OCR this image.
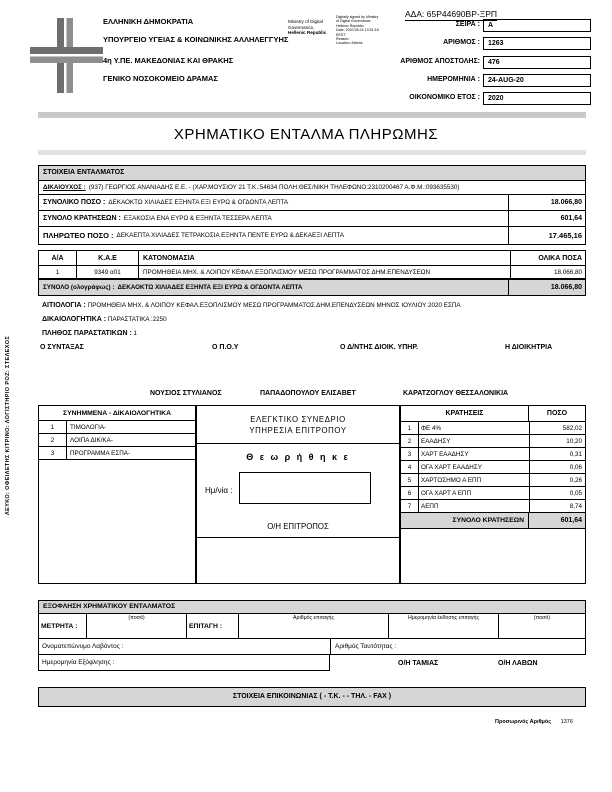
ΛΕΥΚΟ: ΟΦΕΙΛΕΤΗΣ ΚΙΤΡΙΝΟ: ΛΟΓΙΣΤΗΡΙΟ ΡΟΖ: ΣΤΕΛΕΧΟΣ
ΕΛΛΗΝΙΚΗ ΔΗΜΟΚΡΑΤΙΑ
ΥΠΟΥΡΓΕΙΟ ΥΓΕΙΑΣ & ΚΟΙΝΩΝΙΚΗΣ ΑΛΛΗΛΕΓΓΥΗΣ
4η Υ.ΠΕ. ΜΑΚΕΔΟΝΙΑΣ ΚΑΙ ΘΡΑΚΗΣ
ΓΕΝΙΚΟ ΝΟΣΟΚΟΜΕΙΟ ΔΡΑΜΑΣ
Ministry of Digital
Governance,
Hellenic Republic
Digitally signed by Ministry
of Digital Governance,
Hellenic Republic
Date: 2020.08.24 13:51:18
EEST
Reason:
Location: Athens
ΑΔΑ: 65Ρ44690ΒΡ-ΞΡΠ
ΣΕΙΡΑ :	Α
ΑΡΙΘΜΟΣ :	1263
ΑΡΙΘΜΟΣ ΑΠΟΣΤΟΛΗΣ:	476
ΗΜΕΡΟΜΗΝΙΑ :	24-AUG-20
ΟΙΚΟΝΟΜΙΚΟ ΕΤΟΣ :	2020
ΧΡΗΜΑΤΙΚΟ ΕΝΤΑΛΜΑ ΠΛΗΡΩΜΗΣ
ΣΤΟΙΧΕΙΑ ΕΝΤΑΛΜΑΤΟΣ
ΔΙΚΑΙΟΥΧΟΣ : (937) ΓΕΩΡΓΙΟΣ ΑΝΑΝΙΑΔΗΣ Ε.Ε. - (ΧΑΡ.ΜΟΥΣΙΟΥ 21 Τ.Κ.:54634 ΠΟΛΗ:ΘΕΣ/ΝΙΚΗ ΤΗΛΕΦΩΝΟ:2310200467 Α.Φ.Μ.:093635530)
ΣΥΝΟΛΙΚΟ ΠΟΣΟ : ΔΕΚΑΟΚΤΩ ΧΙΛΙΑΔΕΣ ΕΞΗΝΤΑ ΕΞΙ ΕΥΡΩ & ΟΓΔΟΝΤΑ ΛΕΠΤΑ	18.066,80
ΣΥΝΟΛΟ ΚΡΑΤΗΣΕΩΝ : ΕΞΑΚΟΣΙΑ ΕΝΑ ΕΥΡΩ & ΕΞΗΝΤΑ ΤΕΣΣΕΡΑ ΛΕΠΤΑ	601,64
ΠΛΗΡΩΤΕΟ ΠΟΣΟ : ΔΕΚΑΕΠΤΑ ΧΙΛΙΑΔΕΣ ΤΕΤΡΑΚΟΣΙΑ ΕΞΗΝΤΑ ΠΕΝΤΕ ΕΥΡΩ & ΔΕΚΑΕΞΙ ΛΕΠΤΑ	17.465,16
Α/Α	Κ.Α.Ε	ΚΑΤΟΝΟΜΑΣΙΑ	ΟΛΙΚΑ ΠΟΣΑ
1	9349 α01	ΠΡΟΜΗΘΕΙΑ ΜΗΧ. & ΛΟΙΠΟΥ ΚΕΦΑΛ.ΕΞΟΠΛΙΣΜΟΥ ΜΕΣΩ ΠΡΟΓΡΑΜΜΑΤΟΣ ΔΗΜ.ΕΠΕΝΔΥΣΕΩΝ	18.066,80
ΣΥΝΟΛΟ (ολογράφως) : ΔΕΚΑΟΚΤΩ ΧΙΛΙΑΔΕΣ ΕΞΗΝΤΑ ΕΞΙ ΕΥΡΩ & ΟΓΔΟΝΤΑ ΛΕΠΤΑ	18.066,80
ΑΙΤΙΟΛΟΓΙΑ : ΠΡΟΜΗΘΕΙΑ ΜΗΧ. & ΛΟΙΠΟΥ ΚΕΦΑΛ.ΕΞΟΠΛΙΣΜΟΥ ΜΕΣΩ ΠΡΟΓΡΑΜΜΑΤΟΣ ΔΗΜ.ΕΠΕΝΔΥΣΕΩΝ ΜΗΝΟΣ ΙΟΥΛΙΟΥ 2020 ΕΣΠΑ
ΔΙΚΑΙΟΛΟΓΗΤΙΚΑ : ΠΑΡΑΣΤΑΤΙΚΑ :2250
ΠΛΗΘΟΣ ΠΑΡΑΣΤΑΤΙΚΩΝ : 1
Ο ΣΥΝΤΑΞΑΣ	Ο Π.Ο.Υ	Ο Δ/ΝΤΗΣ ΔΙΟΙΚ. ΥΠΗΡ.	Η ΔΙΟΙΚΗΤΡΙΑ
ΝΟΥΣΙΟΣ ΣΤΥΛΙΑΝΟΣ	ΠΑΠΑΔΟΠΟΥΛΟΥ ΕΛΙΣΑΒΕΤ	ΚΑΡΑΤΖΟΓΛΟΥ ΘΕΣΣΑΛΟΝΙΚΙΑ
ΣΥΝΗΜΜΕΝΑ - ΔΙΚΑΙΟΛΟΓΗΤΙΚΑ
1	ΤΙΜΟΛΟΓΙΑ-
2	ΛΟΙΠΑ ΔΙΚ/ΚΑ-
3	ΠΡΟΓΡΑΜΜΑ ΕΣΠΑ-
ΕΛΕΓΚΤΙΚΟ ΣΥΝΕΔΡΙΟ
ΥΠΗΡΕΣΙΑ ΕΠΙΤΡΟΠΟΥ
Θ ε ω ρ ή θ η κ ε
Ημ/νία :
Ο/Η ΕΠΙΤΡΟΠΟΣ
ΚΡΑΤΗΣΕΙΣ	ΠΟΣΟ
1	ΦΕ 4%	582,02
2	ΕΑΑΔΗΣΥ	10,20
3	ΧΑΡΤ ΕΑΑΔΗΣΥ	0,31
4	ΟΓΑ ΧΑΡΤ ΕΑΑΔΗΣΥ	0,06
5	ΧΑΡΤΟΣΗΜΟ Α ΕΠΠ	0,26
6	ΟΓΑ ΧΑΡΤ Α ΕΠΠ	0,05
7	ΑΕΠΠ	8,74
ΣΥΝΟΛΟ ΚΡΑΤΗΣΕΩΝ	601,64
ΕΞΟΦΛΗΣΗ ΧΡΗΜΑΤΙΚΟΥ ΕΝΤΑΛΜΑΤΟΣ
ΜΕΤΡΗΤΑ :
(ποσό)
ΕΠΙΤΑΓΗ :
Αριθμός επιταγής	Ημερομηνία έκδοσης επιταγής	(ποσό)
Ονοματεπώνυμο Λαβόντος :	Αριθμός Ταυτότητας :
Ημερομηνία Εξόφλησης :	Ο/Η ΤΑΜΙΑΣ	Ο/Η ΛΑΒΩΝ
ΣΤΟΙΧΕΙΑ ΕΠΙΚΟΙΝΩΝΙΑΣ ( - Τ.Κ. - - ΤΗΛ. - FAX )
Προσωρινός Αριθμός 1376
